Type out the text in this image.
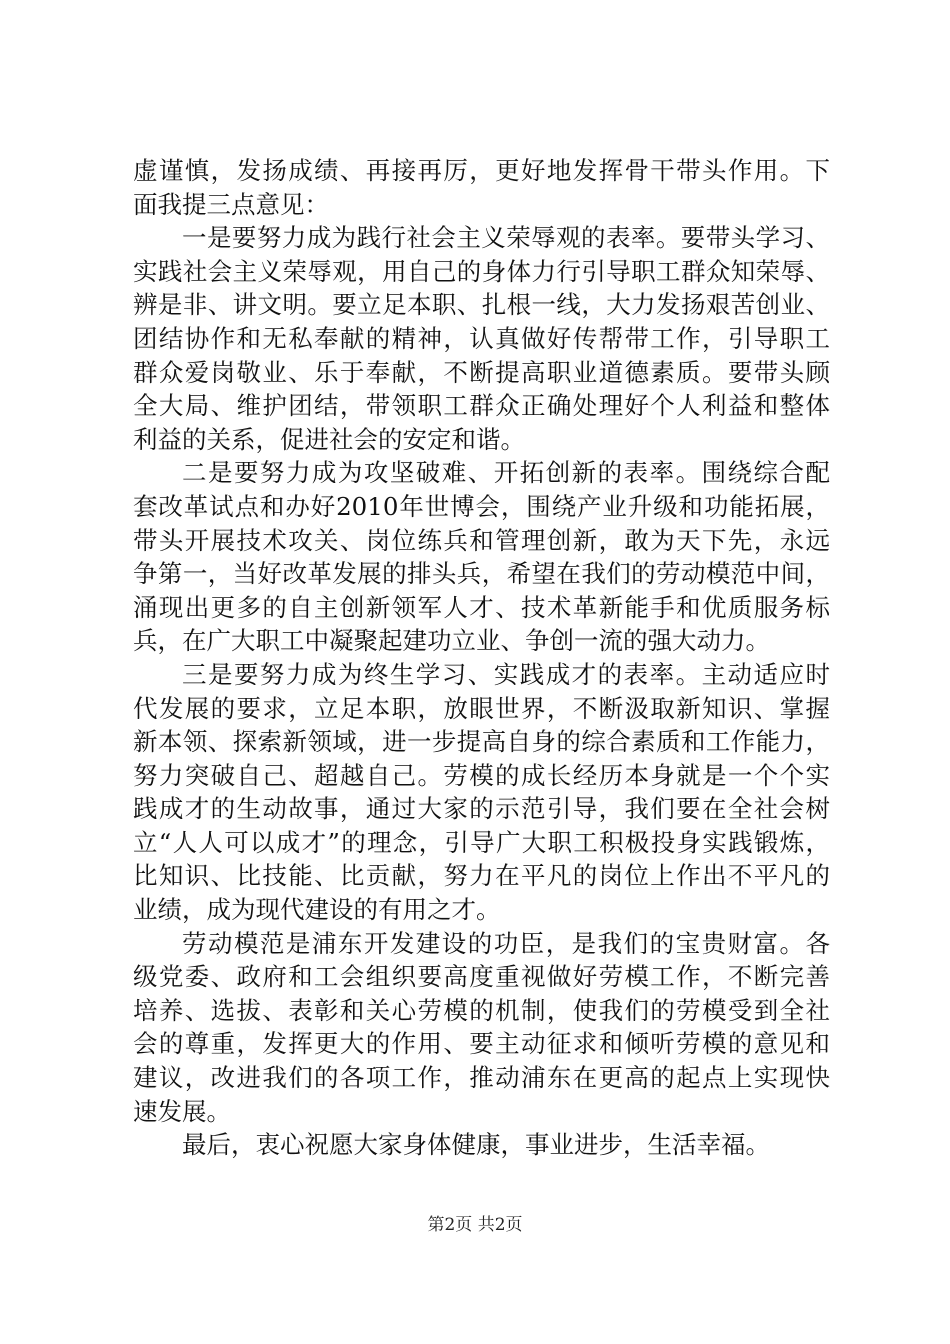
虚谨慎，发扬成绩、再接再厉，更好地发挥骨干带头作用。下
面我提三点意见：
一是要努力成为践行社会主义荣辱观的表率。要带头学习、
实践社会主义荣辱观，用自己的身体力行引导职工群众知荣辱、
辨是非、讲文明。要立足本职、扎根一线，大力发扬艰苦创业、
团结协作和无私奉献的精神，认真做好传帮带工作，引导职工
群众爱岗敬业、乐于奉献，不断提高职业道德素质。要带头顾
全大局、维护团结，带领职工群众正确处理好个人利益和整体
利益的关系，促进社会的安定和谐。
二是要努力成为攻坚破难、开拓创新的表率。围绕综合配
套改革试点和办好2010年世博会，围绕产业升级和功能拓展，
带头开展技术攻关、岗位练兵和管理创新，敢为天下先，永远
争第一，当好改革发展的排头兵，希望在我们的劳动模范中间，
涌现出更多的自主创新领军人才、技术革新能手和优质服务标
兵，在广大职工中凝聚起建功立业、争创一流的强大动力。
三是要努力成为终生学习、实践成才的表率。主动适应时
代发展的要求，立足本职，放眼世界，不断汲取新知识、掌握
新本领、探索新领域，进一步提高自身的综合素质和工作能力，
努力突破自己、超越自己。劳模的成长经历本身就是一个个实
践成才的生动故事，通过大家的示范引导，我们要在全社会树
立“人人可以成才”的理念，引导广大职工积极投身实践锻炼，
比知识、比技能、比贡献，努力在平凡的岗位上作出不平凡的
业绩，成为现代建设的有用之才。
劳动模范是浦东开发建设的功臣，是我们的宝贵财富。各
级党委、政府和工会组织要高度重视做好劳模工作，不断完善
培养、选拔、表彰和关心劳模的机制，使我们的劳模受到全社
会的尊重，发挥更大的作用、要主动征求和倾听劳模的意见和
建议，改进我们的各项工作，推动浦东在更高的起点上实现快
速发展。
最后，衷心祝愿大家身体健康，事业进步，生活幸福。
第2页 共2页
